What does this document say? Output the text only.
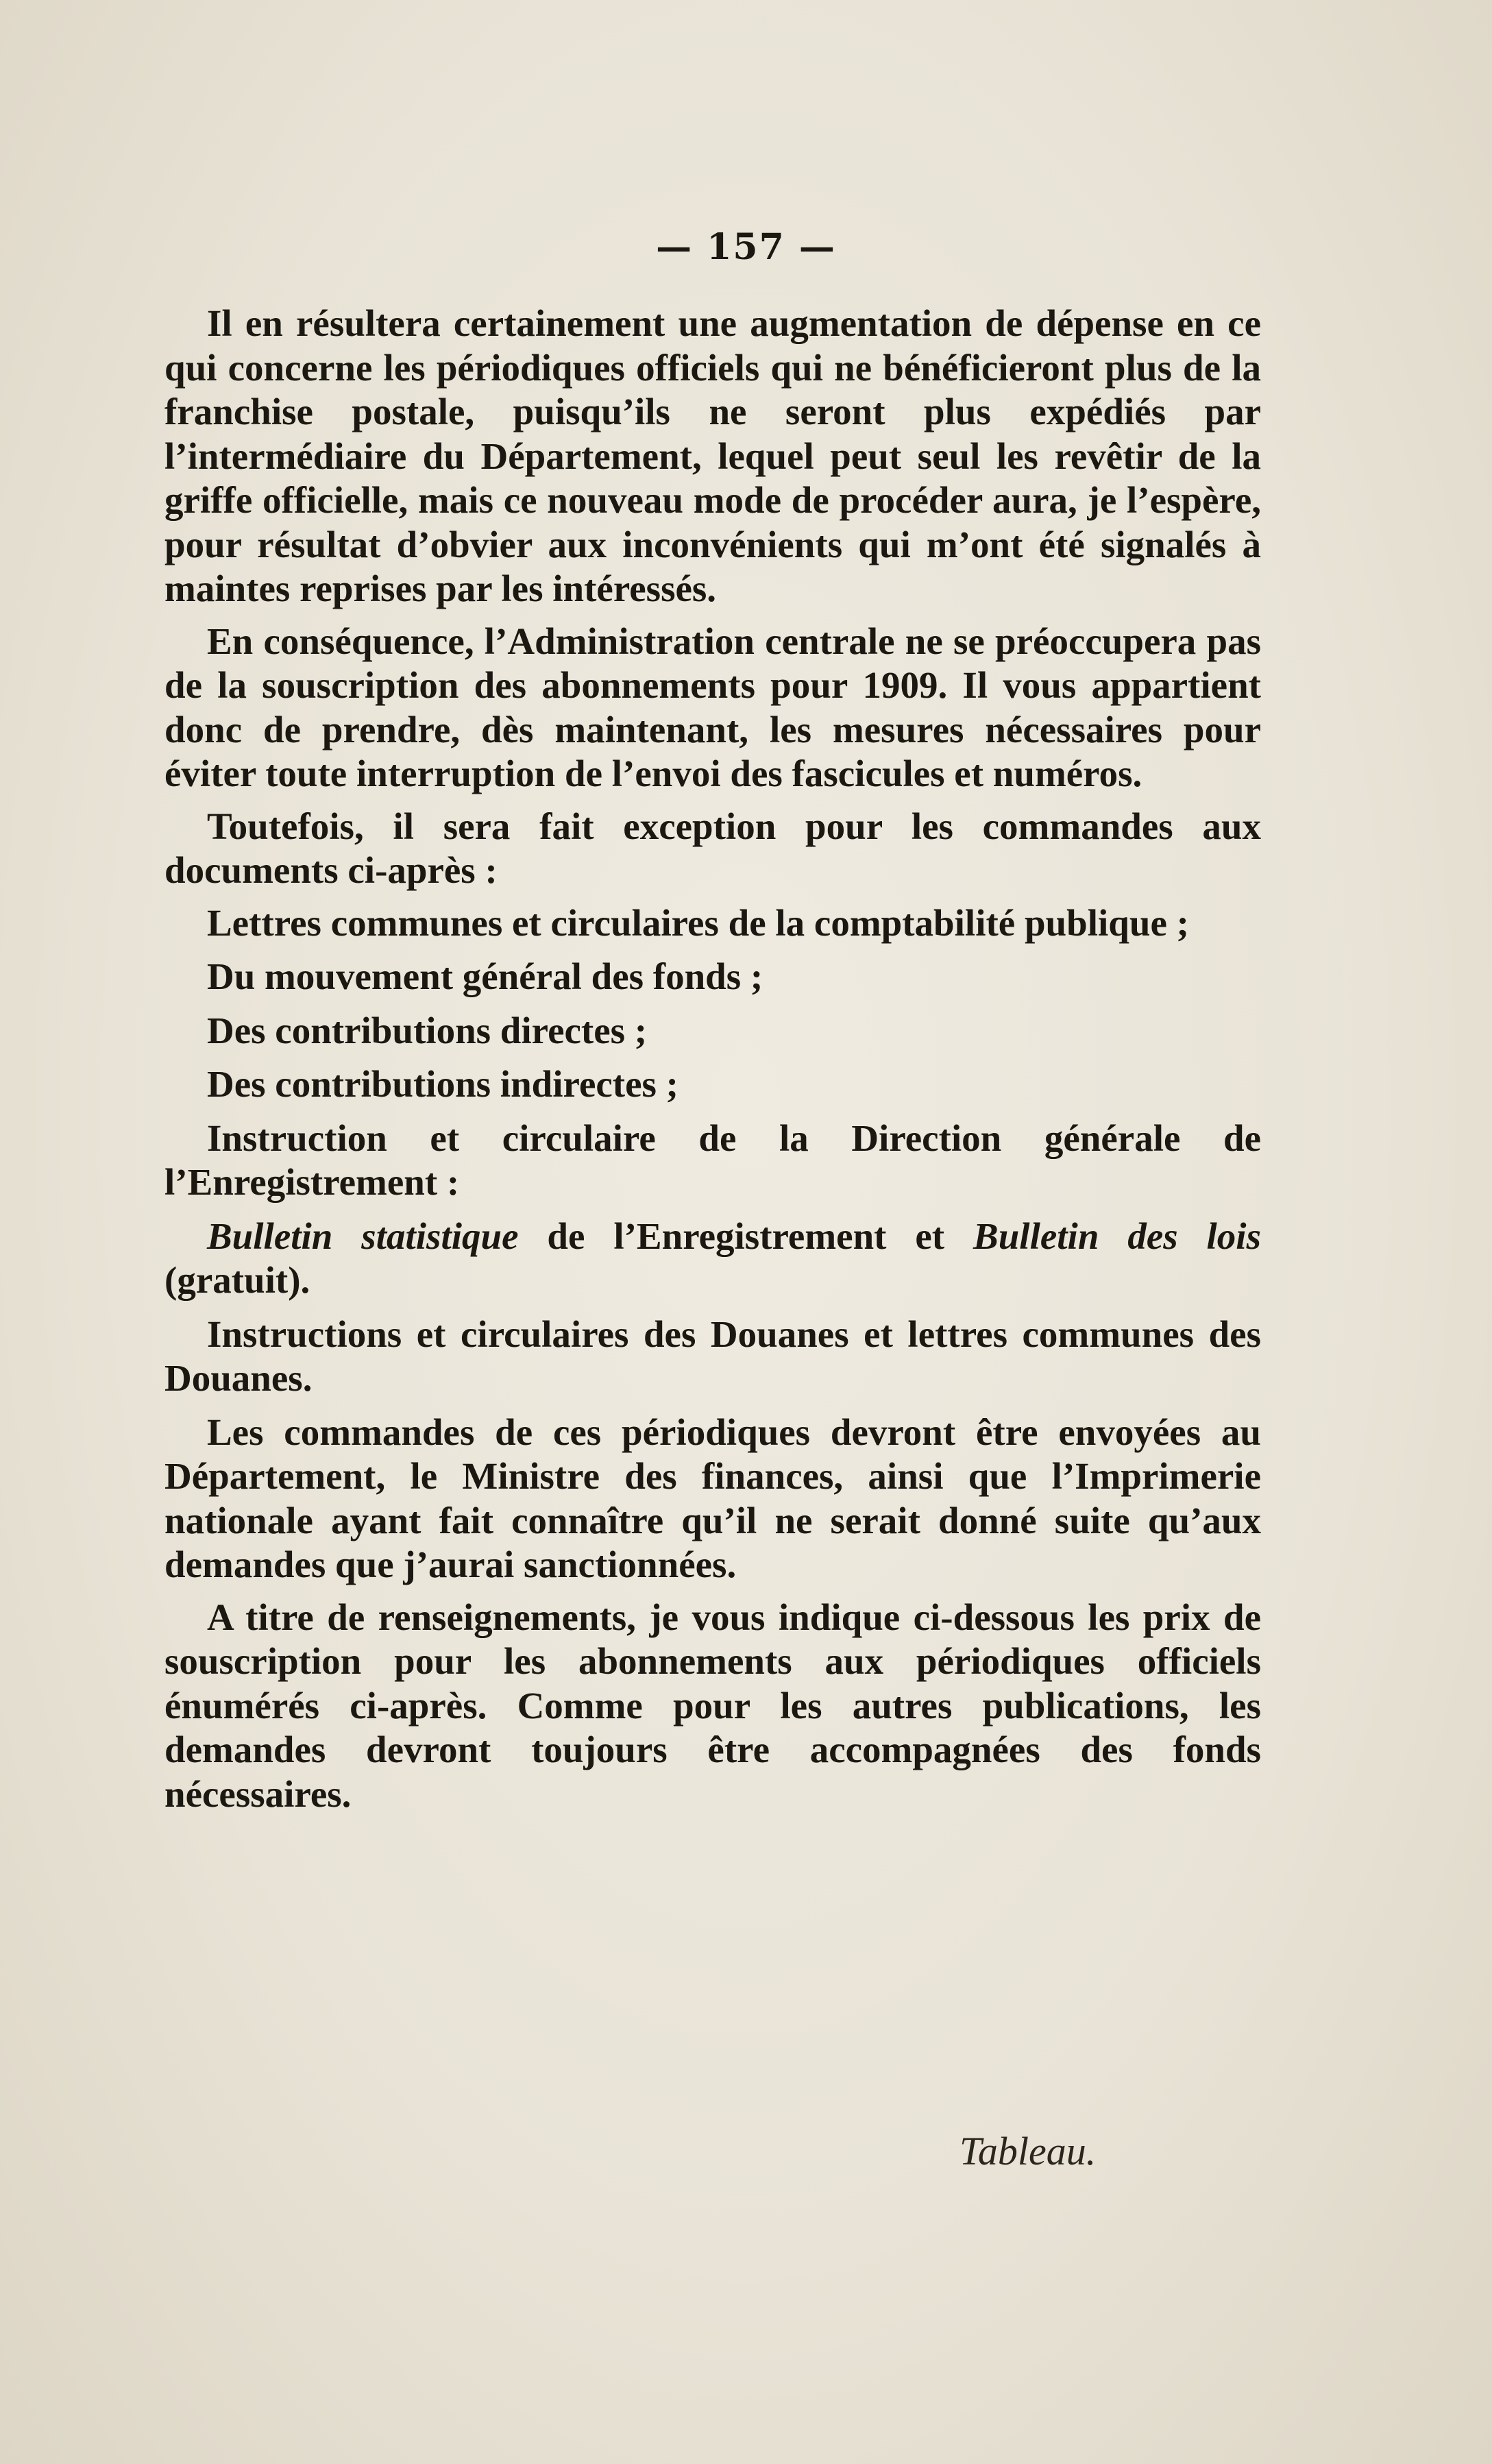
— 157 —

Il en résultera certainement une augmentation de dépense en ce qui concerne les périodiques officiels qui ne bénéficieront plus de la franchise postale, puisqu’ils ne seront plus expédiés par l’intermédiaire du Département, lequel peut seul les revêtir de la griffe officielle, mais ce nouveau mode de procéder aura, je l’espère, pour résultat d’obvier aux inconvénients qui m’ont été signalés à maintes reprises par les intéressés.

En conséquence, l’Administration centrale ne se préoccupera pas de la souscription des abonnements pour 1909. Il vous appartient donc de prendre, dès maintenant, les mesures nécessaires pour éviter toute interruption de l’envoi des fascicules et numéros.

Toutefois, il sera fait exception pour les commandes aux documents ci-après :

Lettres communes et circulaires de la comptabilité publique ;

Du mouvement général des fonds ;

Des contributions directes ;

Des contributions indirectes ;

Instruction et circulaire de la Direction générale de l’Enregistrement :

Bulletin statistique de l’Enregistrement et Bulletin des lois (gratuit).

Instructions et circulaires des Douanes et lettres communes des Douanes.

Les commandes de ces périodiques devront être envoyées au Département, le Ministre des finances, ainsi que l’Imprimerie nationale ayant fait connaître qu’il ne serait donné suite qu’aux demandes que j’aurai sanctionnées.

A titre de renseignements, je vous indique ci-dessous les prix de souscription pour les abonnements aux périodiques officiels énumérés ci-après. Comme pour les autres publications, les demandes devront toujours être accompagnées des fonds nécessaires.

Tableau.
